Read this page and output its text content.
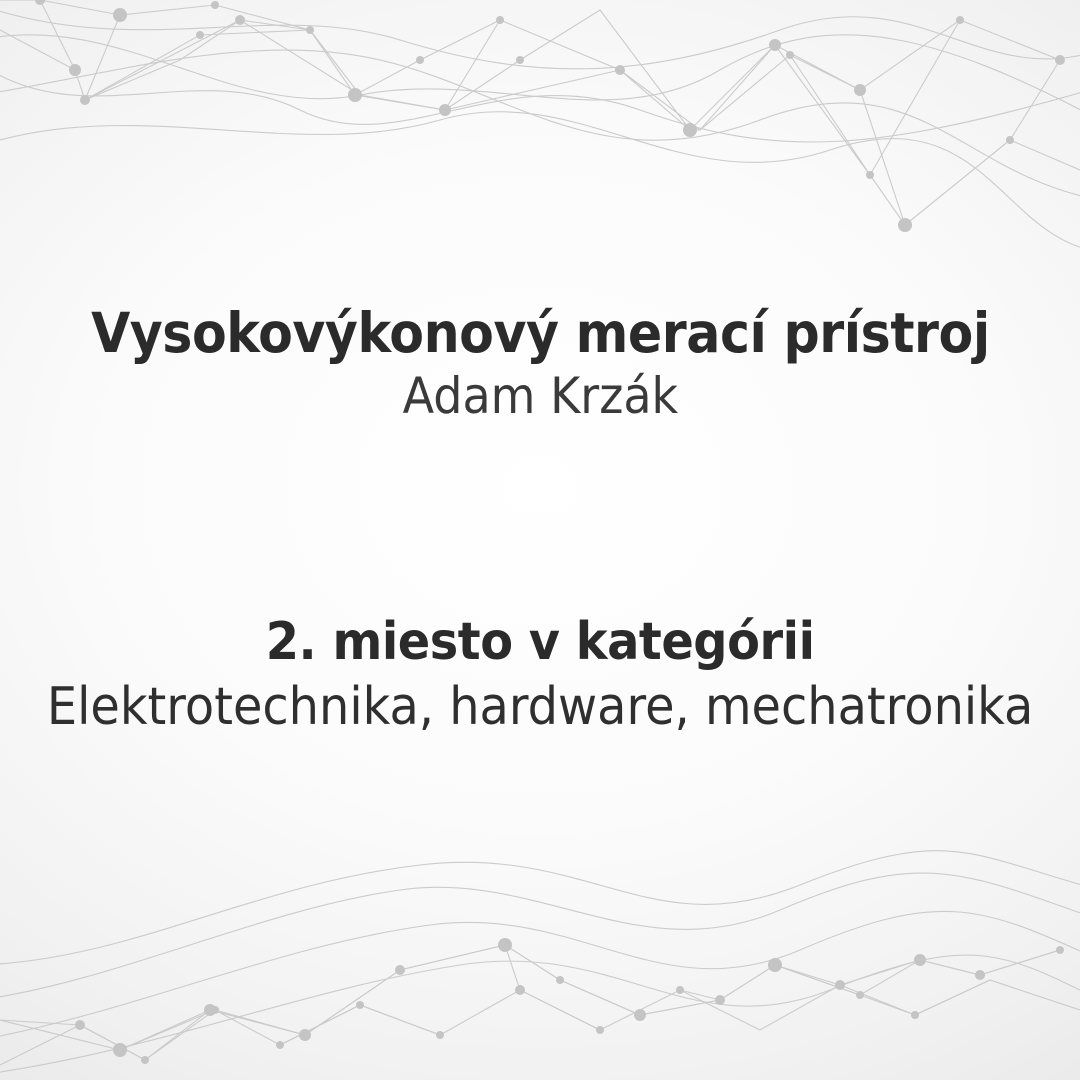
Vysokovýkonový merací prístroj

Adam Krzák

2. miesto v kategórii

Elektrotechnika, hardware, mechatronika
